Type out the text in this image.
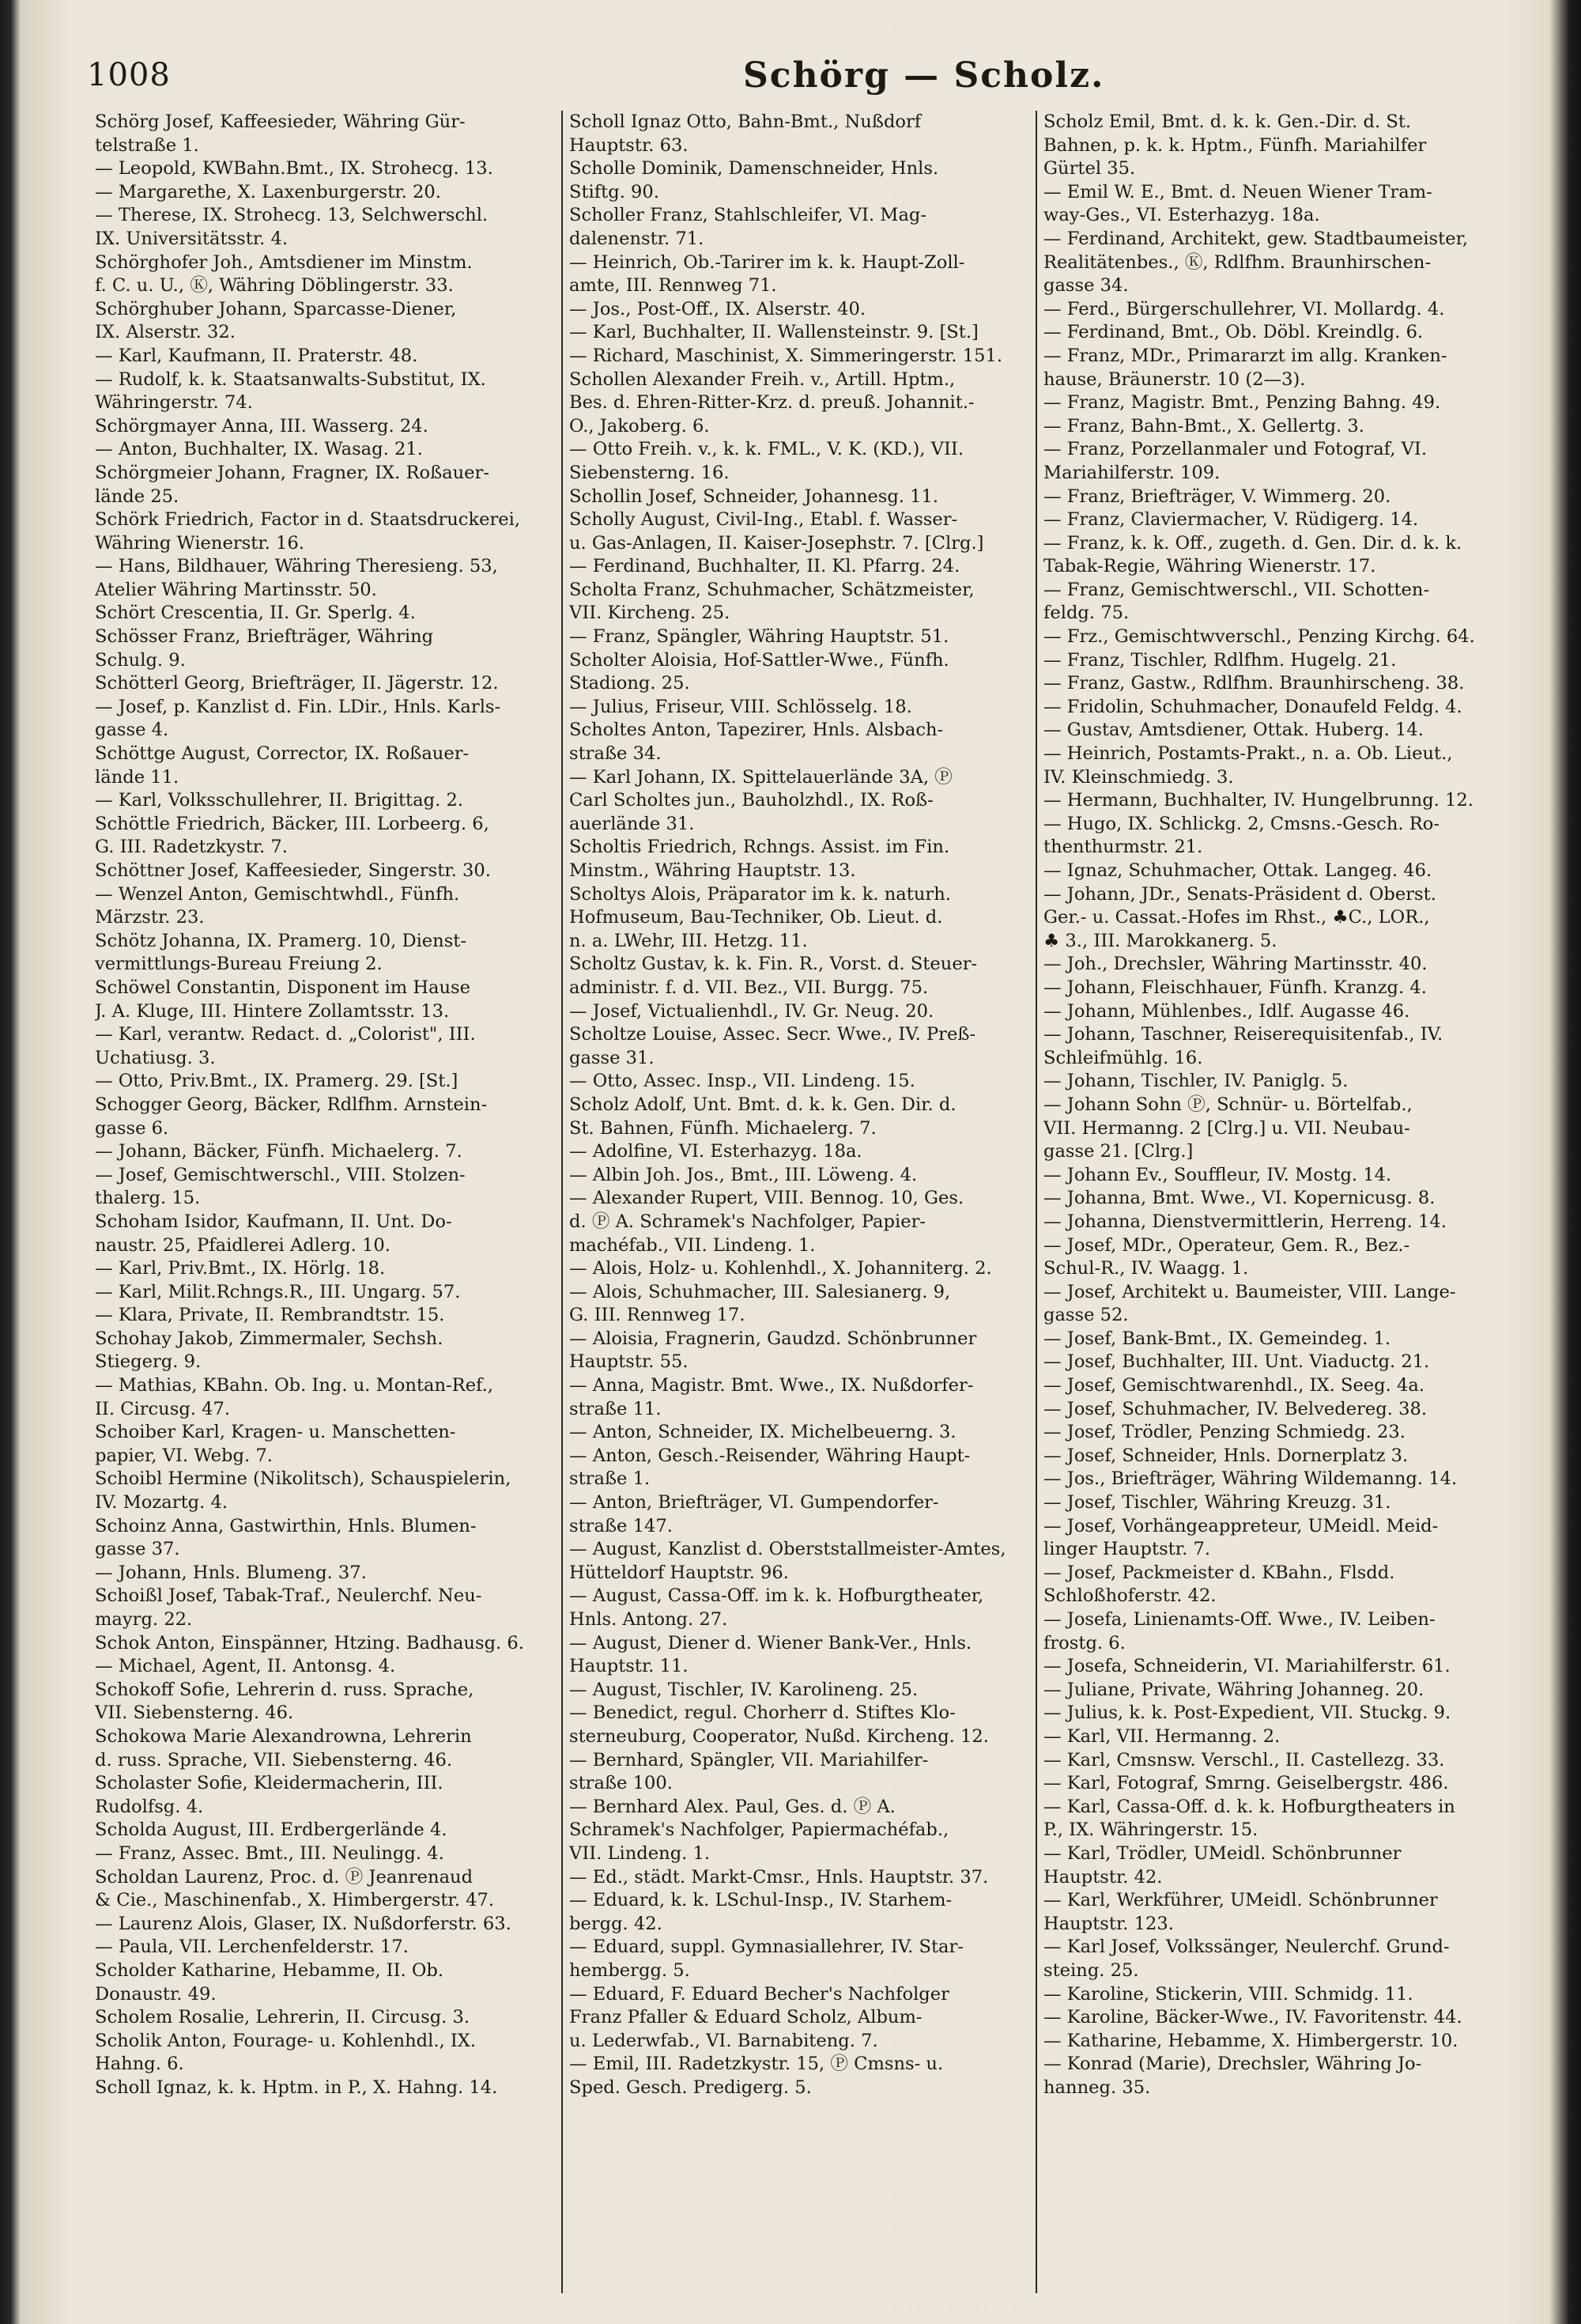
1008	Schörg — Scholz.
Schörg Josef, Kaffeesieder, Währing Gür-
telstraße 1.
— Leopold, KWBahn.Bmt., IX. Strohecg. 13.
— Margarethe, X. Laxenburgerstr. 20.
— Therese, IX. Strohecg. 13, Selchwerschl.
IX. Universitätsstr. 4.
Schörghofer Joh., Amtsdiener im Minstm.
f. C. u. U., Ⓚ, Währing Döblingerstr. 33.
Schörghuber Johann, Sparcasse-Diener,
IX. Alserstr. 32.
— Karl, Kaufmann, II. Praterstr. 48.
— Rudolf, k. k. Staatsanwalts-Substitut, IX.
Währingerstr. 74.
Schörgmayer Anna, III. Wasserg. 24.
— Anton, Buchhalter, IX. Wasag. 21.
Schörgmeier Johann, Fragner, IX. Roßauer-
lände 25.
Schörk Friedrich, Factor in d. Staatsdruckerei,
Währing Wienerstr. 16.
— Hans, Bildhauer, Währing Theresieng. 53,
Atelier Währing Martinsstr. 50.
Schört Crescentia, II. Gr. Sperlg. 4.
Schösser Franz, Briefträger, Währing
Schulg. 9.
Schötterl Georg, Briefträger, II. Jägerstr. 12.
— Josef, p. Kanzlist d. Fin. LDir., Hnls. Karls-
gasse 4.
Schöttge August, Corrector, IX. Roßauer-
lände 11.
— Karl, Volksschullehrer, II. Brigittag. 2.
Schöttle Friedrich, Bäcker, III. Lorbeerg. 6,
G. III. Radetzkystr. 7.
Schöttner Josef, Kaffeesieder, Singerstr. 30.
— Wenzel Anton, Gemischtwhdl., Fünfh.
Märzstr. 23.
Schötz Johanna, IX. Pramerg. 10, Dienst-
vermittlungs-Bureau Freiung 2.
Schöwel Constantin, Disponent im Hause
J. A. Kluge, III. Hintere Zollamtsstr. 13.
— Karl, verantw. Redact. d. „Colorist", III.
Uchatiusg. 3.
— Otto, Priv.Bmt., IX. Pramerg. 29. [St.]
Schogger Georg, Bäcker, Rdlfhm. Arnstein-
gasse 6.
— Johann, Bäcker, Fünfh. Michaelerg. 7.
— Josef, Gemischtwerschl., VIII. Stolzen-
thalerg. 15.
Schoham Isidor, Kaufmann, II. Unt. Do-
naustr. 25, Pfaidlerei Adlerg. 10.
— Karl, Priv.Bmt., IX. Hörlg. 18.
— Karl, Milit.Rchngs.R., III. Ungarg. 57.
— Klara, Private, II. Rembrandtstr. 15.
Schohay Jakob, Zimmermaler, Sechsh.
Stiegerg. 9.
— Mathias, KBahn. Ob. Ing. u. Montan-Ref.,
II. Circusg. 47.
Schoiber Karl, Kragen- u. Manschetten-
papier, VI. Webg. 7.
Schoibl Hermine (Nikolitsch), Schauspielerin,
IV. Mozartg. 4.
Schoinz Anna, Gastwirthin, Hnls. Blumen-
gasse 37.
— Johann, Hnls. Blumeng. 37.
Schoißl Josef, Tabak-Traf., Neulerchf. Neu-
mayrg. 22.
Schok Anton, Einspänner, Htzing. Badhausg. 6.
— Michael, Agent, II. Antonsg. 4.
Schokoff Sofie, Lehrerin d. russ. Sprache,
VII. Siebensterng. 46.
Schokowa Marie Alexandrowna, Lehrerin
d. russ. Sprache, VII. Siebensterng. 46.
Scholaster Sofie, Kleidermacherin, III.
Rudolfsg. 4.
Scholda August, III. Erdbergerlände 4.
— Franz, Assec. Bmt., III. Neulingg. 4.
Scholdan Laurenz, Proc. d. Ⓟ Jeanrenaud
& Cie., Maschinenfab., X. Himbergerstr. 47.
— Laurenz Alois, Glaser, IX. Nußdorferstr. 63.
— Paula, VII. Lerchenfelderstr. 17.
Scholder Katharine, Hebamme, II. Ob.
Donaustr. 49.
Scholem Rosalie, Lehrerin, II. Circusg. 3.
Scholik Anton, Fourage- u. Kohlenhdl., IX.
Hahng. 6.
Scholl Ignaz, k. k. Hptm. in P., X. Hahng. 14.
Scholl Ignaz Otto, Bahn-Bmt., Nußdorf
Hauptstr. 63.
Scholle Dominik, Damenschneider, Hnls.
Stiftg. 90.
Scholler Franz, Stahlschleifer, VI. Mag-
dalenenstr. 71.
— Heinrich, Ob.-Tarirer im k. k. Haupt-Zoll-
amte, III. Rennweg 71.
— Jos., Post-Off., IX. Alserstr. 40.
— Karl, Buchhalter, II. Wallensteinstr. 9. [St.]
— Richard, Maschinist, X. Simmeringerstr. 151.
Schollen Alexander Freih. v., Artill. Hptm.,
Bes. d. Ehren-Ritter-Krz. d. preuß. Johannit.-
O., Jakoberg. 6.
— Otto Freih. v., k. k. FML., V. K. (KD.), VII.
Siebensterng. 16.
Schollin Josef, Schneider, Johannesg. 11.
Scholly August, Civil-Ing., Etabl. f. Wasser-
u. Gas-Anlagen, II. Kaiser-Josephstr. 7. [Clrg.]
— Ferdinand, Buchhalter, II. Kl. Pfarrg. 24.
Scholta Franz, Schuhmacher, Schätzmeister,
VII. Kircheng. 25.
— Franz, Spängler, Währing Hauptstr. 51.
Scholter Aloisia, Hof-Sattler-Wwe., Fünfh.
Stadiong. 25.
— Julius, Friseur, VIII. Schlösselg. 18.
Scholtes Anton, Tapezirer, Hnls. Alsbach-
straße 34.
— Karl Johann, IX. Spittelauerlände 3A, Ⓟ
Carl Scholtes jun., Bauholzhdl., IX. Roß-
auerlände 31.
Scholtis Friedrich, Rchngs. Assist. im Fin.
Minstm., Währing Hauptstr. 13.
Scholtys Alois, Präparator im k. k. naturh.
Hofmuseum, Bau-Techniker, Ob. Lieut. d.
n. a. LWehr, III. Hetzg. 11.
Scholtz Gustav, k. k. Fin. R., Vorst. d. Steuer-
administr. f. d. VII. Bez., VII. Burgg. 75.
— Josef, Victualienhdl., IV. Gr. Neug. 20.
Scholtze Louise, Assec. Secr. Wwe., IV. Preß-
gasse 31.
— Otto, Assec. Insp., VII. Lindeng. 15.
Scholz Adolf, Unt. Bmt. d. k. k. Gen. Dir. d.
St. Bahnen, Fünfh. Michaelerg. 7.
— Adolfine, VI. Esterhazyg. 18a.
— Albin Joh. Jos., Bmt., III. Löweng. 4.
— Alexander Rupert, VIII. Bennog. 10, Ges.
d. Ⓟ A. Schramek's Nachfolger, Papier-
machéfab., VII. Lindeng. 1.
— Alois, Holz- u. Kohlenhdl., X. Johanniterg. 2.
— Alois, Schuhmacher, III. Salesianerg. 9,
G. III. Rennweg 17.
— Aloisia, Fragnerin, Gaudzd. Schönbrunner
Hauptstr. 55.
— Anna, Magistr. Bmt. Wwe., IX. Nußdorfer-
straße 11.
— Anton, Schneider, IX. Michelbeuerng. 3.
— Anton, Gesch.-Reisender, Währing Haupt-
straße 1.
— Anton, Briefträger, VI. Gumpendorfer-
straße 147.
— August, Kanzlist d. Oberststallmeister-Amtes,
Hütteldorf Hauptstr. 96.
— August, Cassa-Off. im k. k. Hofburgtheater,
Hnls. Antong. 27.
— August, Diener d. Wiener Bank-Ver., Hnls.
Hauptstr. 11.
— August, Tischler, IV. Karolineng. 25.
— Benedict, regul. Chorherr d. Stiftes Klo-
sterneuburg, Cooperator, Nußd. Kircheng. 12.
— Bernhard, Spängler, VII. Mariahilfer-
straße 100.
— Bernhard Alex. Paul, Ges. d. Ⓟ A.
Schramek's Nachfolger, Papiermachéfab.,
VII. Lindeng. 1.
— Ed., städt. Markt-Cmsr., Hnls. Hauptstr. 37.
— Eduard, k. k. LSchul-Insp., IV. Starhem-
bergg. 42.
— Eduard, suppl. Gymnasiallehrer, IV. Star-
hembergg. 5.
— Eduard, F. Eduard Becher's Nachfolger
Franz Pfaller & Eduard Scholz, Album-
u. Lederwfab., VI. Barnabiteng. 7.
— Emil, III. Radetzkystr. 15, Ⓟ Cmsns- u.
Sped. Gesch. Predigerg. 5.
Scholz Emil, Bmt. d. k. k. Gen.-Dir. d. St.
Bahnen, p. k. k. Hptm., Fünfh. Mariahilfer
Gürtel 35.
— Emil W. E., Bmt. d. Neuen Wiener Tram-
way-Ges., VI. Esterhazyg. 18a.
— Ferdinand, Architekt, gew. Stadtbaumeister,
Realitätenbes., Ⓚ, Rdlfhm. Braunhirschen-
gasse 34.
— Ferd., Bürgerschullehrer, VI. Mollardg. 4.
— Ferdinand, Bmt., Ob. Döbl. Kreindlg. 6.
— Franz, MDr., Primararzt im allg. Kranken-
hause, Bräunerstr. 10 (2—3).
— Franz, Magistr. Bmt., Penzing Bahng. 49.
— Franz, Bahn-Bmt., X. Gellertg. 3.
— Franz, Porzellanmaler und Fotograf, VI.
Mariahilferstr. 109.
— Franz, Briefträger, V. Wimmerg. 20.
— Franz, Claviermacher, V. Rüdigerg. 14.
— Franz, k. k. Off., zugeth. d. Gen. Dir. d. k. k.
Tabak-Regie, Währing Wienerstr. 17.
— Franz, Gemischtwerschl., VII. Schotten-
feldg. 75.
— Frz., Gemischtwverschl., Penzing Kirchg. 64.
— Franz, Tischler, Rdlfhm. Hugelg. 21.
— Franz, Gastw., Rdlfhm. Braunhirscheng. 38.
— Fridolin, Schuhmacher, Donaufeld Feldg. 4.
— Gustav, Amtsdiener, Ottak. Huberg. 14.
— Heinrich, Postamts-Prakt., n. a. Ob. Lieut.,
IV. Kleinschmiedg. 3.
— Hermann, Buchhalter, IV. Hungelbrunng. 12.
— Hugo, IX. Schlickg. 2, Cmsns.-Gesch. Ro-
thenthurmstr. 21.
— Ignaz, Schuhmacher, Ottak. Langeg. 46.
— Johann, JDr., Senats-Präsident d. Oberst.
Ger.- u. Cassat.-Hofes im Rhst., ♣C., LOR.,
♣ 3., III. Marokkanerg. 5.
— Joh., Drechsler, Währing Martinsstr. 40.
— Johann, Fleischhauer, Fünfh. Kranzg. 4.
— Johann, Mühlenbes., Idlf. Augasse 46.
— Johann, Taschner, Reiserequisitenfab., IV.
Schleifmühlg. 16.
— Johann, Tischler, IV. Paniglg. 5.
— Johann Sohn Ⓟ, Schnür- u. Börtelfab.,
VII. Hermanng. 2 [Clrg.] u. VII. Neubau-
gasse 21. [Clrg.]
— Johann Ev., Souffleur, IV. Mostg. 14.
— Johanna, Bmt. Wwe., VI. Kopernicusg. 8.
— Johanna, Dienstvermittlerin, Herreng. 14.
— Josef, MDr., Operateur, Gem. R., Bez.-
Schul-R., IV. Waagg. 1.
— Josef, Architekt u. Baumeister, VIII. Lange-
gasse 52.
— Josef, Bank-Bmt., IX. Gemeindeg. 1.
— Josef, Buchhalter, III. Unt. Viaductg. 21.
— Josef, Gemischtwarenhdl., IX. Seeg. 4a.
— Josef, Schuhmacher, IV. Belvedereg. 38.
— Josef, Trödler, Penzing Schmiedg. 23.
— Josef, Schneider, Hnls. Dornerplatz 3.
— Jos., Briefträger, Währing Wildemanng. 14.
— Josef, Tischler, Währing Kreuzg. 31.
— Josef, Vorhängeappreteur, UMeidl. Meid-
linger Hauptstr. 7.
— Josef, Packmeister d. KBahn., Flsdd.
Schloßhoferstr. 42.
— Josefa, Linienamts-Off. Wwe., IV. Leiben-
frostg. 6.
— Josefa, Schneiderin, VI. Mariahilferstr. 61.
— Juliane, Private, Währing Johanneg. 20.
— Julius, k. k. Post-Expedient, VII. Stuckg. 9.
— Karl, VII. Hermanng. 2.
— Karl, Cmsnsw. Verschl., II. Castellezg. 33.
— Karl, Fotograf, Smrng. Geiselbergstr. 486.
— Karl, Cassa-Off. d. k. k. Hofburgtheaters in
P., IX. Währingerstr. 15.
— Karl, Trödler, UMeidl. Schönbrunner
Hauptstr. 42.
— Karl, Werkführer, UMeidl. Schönbrunner
Hauptstr. 123.
— Karl Josef, Volkssänger, Neulerchf. Grund-
steing. 25.
— Karoline, Stickerin, VIII. Schmidg. 11.
— Karoline, Bäcker-Wwe., IV. Favoritenstr. 44.
— Katharine, Hebamme, X. Himbergerstr. 10.
— Konrad (Marie), Drechsler, Währing Jo-
hanneg. 35.
